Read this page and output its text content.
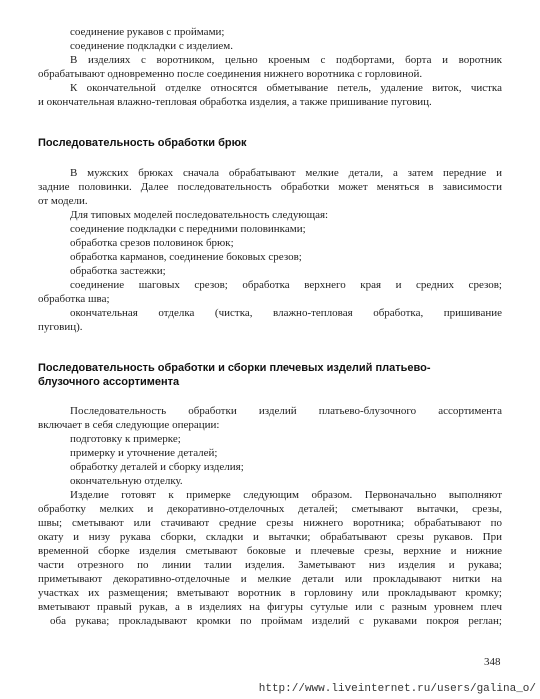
соединение рукавов с проймами;
соединение подкладки с изделием.
В изделиях с воротником, цельно кроеным с подбортами, борта и воротник
обрабатывают одновременно после соединения нижнего воротника с горловиной.
К окончательной отделке относятся обметывание петель, удаление виток, чистка
и окончательная влажно-тепловая обработка изделия, а также пришивание пуговиц.
Последовательность обработки брюк
В мужских брюках сначала обрабатывают мелкие детали, а затем передние и
задние половинки. Далее последовательность обработки может меняться в зависимости
от модели.
Для типовых моделей последовательность следующая:
соединение подкладки с передними половинками;
обработка срезов половинок брюк;
обработка карманов, соединение боковых срезов;
обработка застежки;
соединение шаговых срезов; обработка верхнего края и средних срезов;
обработка шва;
окончательная отделка (чистка, влажно-тепловая обработка, пришивание
пуговиц).
Последовательность обработки и сборки плечевых изделий платьево-
блузочного ассортимента
Последовательность обработки изделий платьево-блузочного ассортимента
включает в себя следующие операции:
подготовку к примерке;
примерку и уточнение деталей;
обработку деталей и сборку изделия;
окончательную отделку.
Изделие готовят к примерке следующим образом. Первоначально выполняют
обработку мелких и декоративно-отделочных деталей; сметывают вытачки, срезы,
швы; сметывают или стачивают средние срезы нижнего воротника; обрабатывают по
окату и низу рукава сборки, складки и вытачки; обрабатывают срезы рукавов. При
временной сборке изделия сметывают боковые и плечевые срезы, верхние и нижние
части отрезного по линии талии изделия. Заметывают низ изделия и рукава;
приметывают декоративно-отделочные и мелкие детали или прокладывают нитки на
участках их размещения; вметывают воротник в горловину или прокладывают кромку;
вметывают правый рукав, а в изделиях на фигуры сутулые или с разным уровнем плеч
оба рукава; прокладывают кромки по проймам изделий с рукавами покроя реглан;
348
http://www.liveinternet.ru/users/galina_o/
